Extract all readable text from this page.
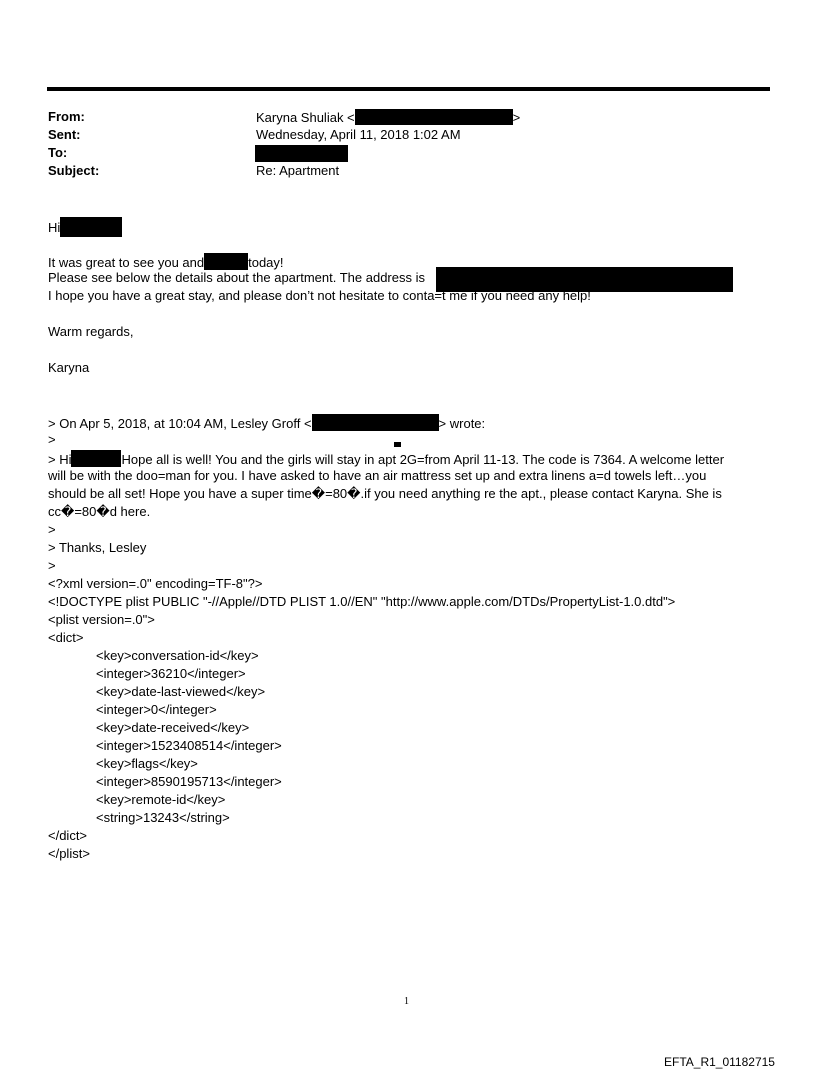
From:	Karyna Shuliak <	>
Sent:	Wednesday, April 11, 2018 1:02 AM
To:
Subject:	Re: Apartment
Hi
It was great to see you and	today!
Please see below the details about the apartment. The address is
I hope you have a great stay, and please don’t not hesitate to conta=t me if you need any help!
Warm regards,
Karyna
> On Apr 5, 2018, at 10:04 AM, Lesley Groff <	> wrote:
>
> Hi	Hope all is well! You and the girls will stay in apt 2G=from April 11-13. The code is 7364. A welcome letter
will be with the doo=man for you. I have asked to have an air mattress set up and extra linens a=d towels left…you
should be all set! Hope you have a super time�=80�.if you need anything re the apt., please contact Karyna. She is
cc�=80�d here.
>
> Thanks, Lesley
>
<?xml version=.0" encoding=TF-8"?>
<!DOCTYPE plist PUBLIC "-//Apple//DTD PLIST 1.0//EN" "http://www.apple.com/DTDs/PropertyList-1.0.dtd">
<plist version=.0">
<dict>
<key>conversation-id</key>
<integer>36210</integer>
<key>date-last-viewed</key>
<integer>0</integer>
<key>date-received</key>
<integer>1523408514</integer>
<key>flags</key>
<integer>8590195713</integer>
<key>remote-id</key>
<string>13243</string>
</dict>
</plist>
1
EFTA_R1_01182715
